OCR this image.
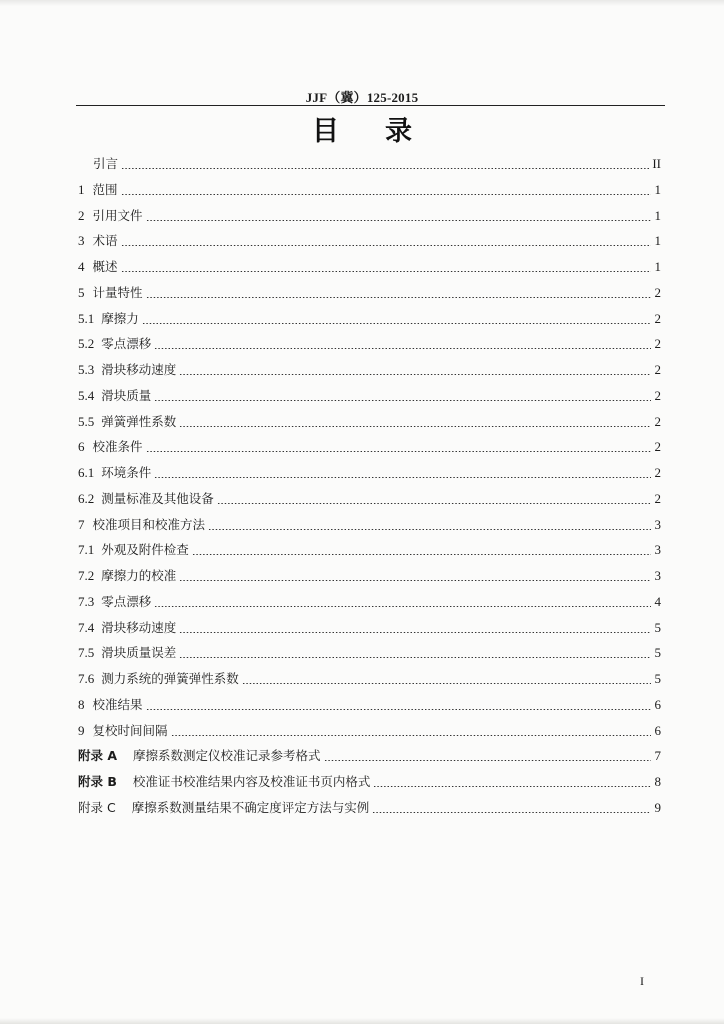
JJF（冀）125-2015
目录
引言	II
1 范围	1
2 引用文件	1
3 术语	1
4 概述	1
5 计量特性	2
5.1 摩擦力	2
5.2 零点漂移	2
5.3 滑块移动速度	2
5.4 滑块质量	2
5.5 弹簧弹性系数	2
6 校准条件	2
6.1 环境条件	2
6.2 测量标准及其他设备	2
7 校准项目和校准方法	3
7.1 外观及附件检查	3
7.2 摩擦力的校准	3
7.3 零点漂移	4
7.4 滑块移动速度	5
7.5 滑块质量误差	5
7.6 测力系统的弹簧弹性系数	5
8 校准结果	6
9 复校时间间隔	6
附录 A 摩擦系数测定仪校准记录参考格式	7
附录 B 校准证书校准结果内容及校准证书页内格式	8
附录 C 摩擦系数测量结果不确定度评定方法与实例	9
I
